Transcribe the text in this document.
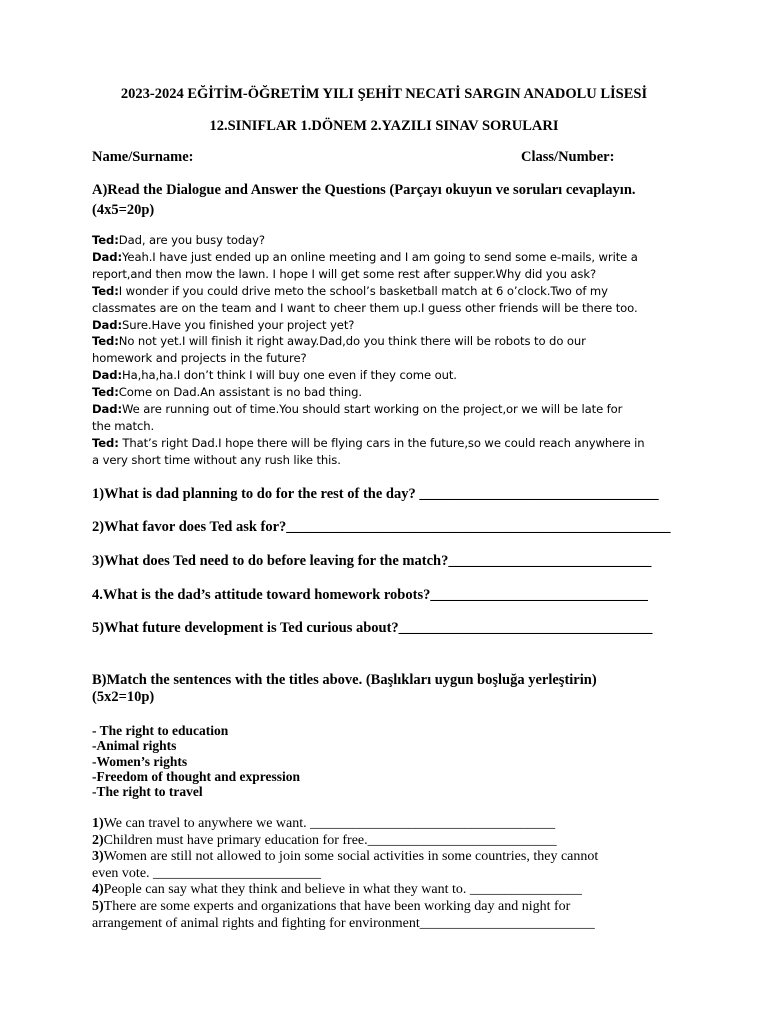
2023-2024 EĞİTİM-ÖĞRETİM YILI ŞEHİT NECATİ SARGIN ANADOLU LİSESİ
12.SINIFLAR 1.DÖNEM 2.YAZILI SINAV SORULARI
Name/Surname:	Class/Number:
A)Read the Dialogue and Answer the Questions (Parçayı okuyun ve soruları cevaplayın.
(4x5=20p)
Ted:Dad, are you busy today?
Dad:Yeah.I have just ended up an online meeting and I am going to send some e-mails, write a
report,and then mow the lawn. I hope I will get some rest after supper.Why did you ask?
Ted:I wonder if you could drive meto the school’s basketball match at 6 o’clock.Two of my
classmates are on the team and I want to cheer them up.I guess other friends will be there too.
Dad:Sure.Have you finished your project yet?
Ted:No not yet.I will finish it right away.Dad,do you think there will be robots to do our
homework and projects in the future?
Dad:Ha,ha,ha.I don’t think I will buy one even if they come out.
Ted:Come on Dad.An assistant is no bad thing.
Dad:We are running out of time.You should start working on the project,or we will be late for
the match.
Ted: That’s right Dad.I hope there will be flying cars in the future,so we could reach anywhere in
a very short time without any rush like this.
1)What is dad planning to do for the rest of the day? _________________________________
2)What favor does Ted ask for?_____________________________________________________
3)What does Ted need to do before leaving for the match?____________________________
4.What is the dad’s attitude toward homework robots?______________________________
5)What future development is Ted curious about?___________________________________
B)Match the sentences with the titles above. (Başlıkları uygun boşluğa yerleştirin)
(5x2=10p)
- The right to education
-Animal rights
-Women’s rights
-Freedom of thought and expression
-The right to travel
1)We can travel to anywhere we want. ___________________________________
2)Children must have primary education for free.___________________________
3)Women are still not allowed to join some social activities in some countries, they cannot
even vote. ________________________
4)People can say what they think and believe in what they want to. ________________
5)There are some experts and organizations that have been working day and night for
arrangement of animal rights and fighting for environment_________________________
